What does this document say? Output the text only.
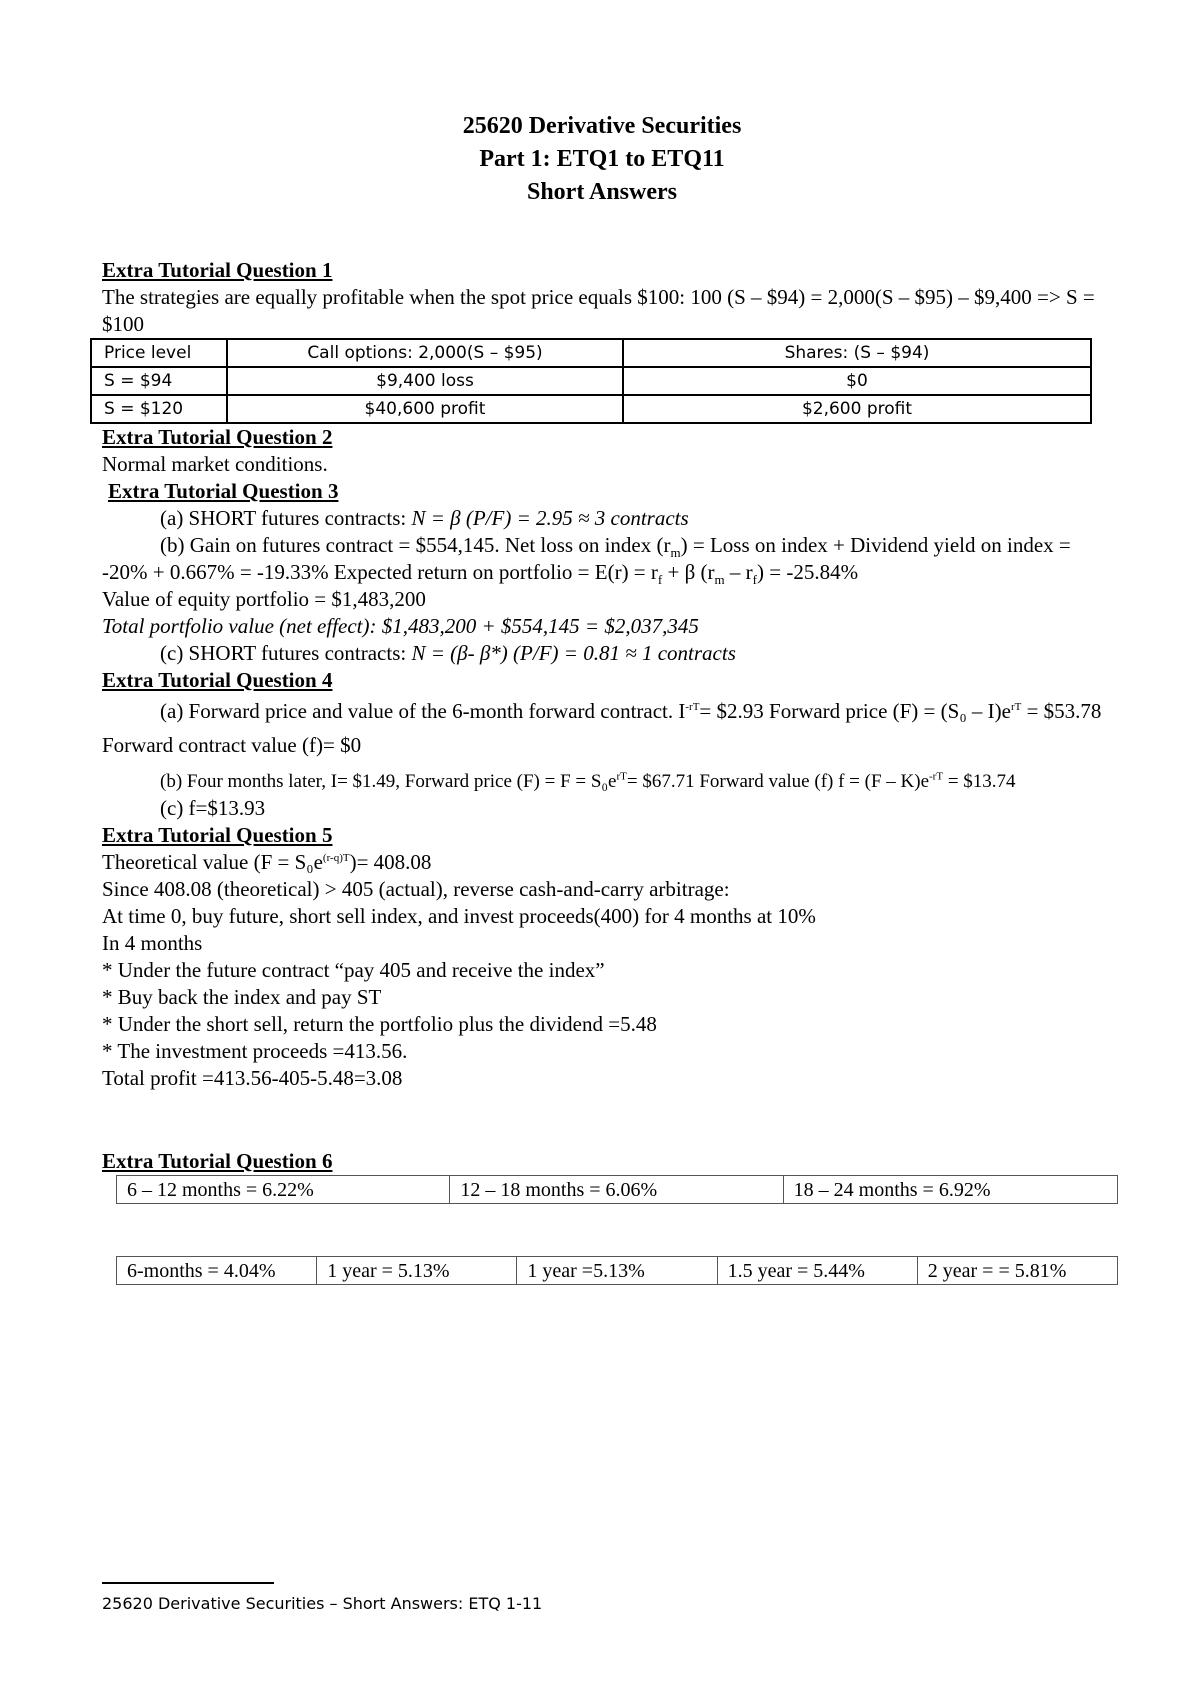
25620 Derivative Securities
Part 1: ETQ1 to ETQ11
Short Answers

Extra Tutorial Question 1

The strategies are equally profitable when the spot price equals $100: 100 (S – $94) = 2,000(S – $95) – $9,400 => S = $100

Price level	Call options: 2,000(S – $95)	Shares: (S – $94)
S = $94	$9,400 loss	$0
S = $120	$40,600 profit	$2,600 profit

Extra Tutorial Question 2

Normal market conditions.

Extra Tutorial Question 3

(a) SHORT futures contracts: N = β (P/F) = 2.95 ≈ 3 contracts

(b) Gain on futures contract = $554,145. Net loss on index $(r_m)$ = Loss on index + Dividend yield on index = -20% + 0.667% = -19.33% Expected return on portfolio = $E(r) = r_f + \beta$ $(r_m - r_f) = -25.84\%$

Value of equity portfolio = $1,483,200

Total portfolio value (net effect): $1,483,200 + $554,145 = $2,037,345

(c) SHORT futures contracts: N = (β- β*) (P/F) = 0.81 ≈ 1 contracts

Extra Tutorial Question 4

(a) Forward price and value of the 6-month forward contract. $I^{-rT}=$ $2.93 Forward price $(F) = (S_0 - I)e^{rT}$ = $53.78 Forward contract value (f)= $0

(b) Four months later, I= $1.49, Forward price $(F) = F = S_0e^{rT}=$ $67.71 Forward value (f) $f = (F - K)e^{-rT}$ = $13.74

(c) f=$13.93

Extra Tutorial Question 5

Theoretical value $(F = S_0e^{(r-q)T})= 408.08$

Since 408.08 (theoretical) > 405 (actual), reverse cash-and-carry arbitrage:

At time 0, buy future, short sell index, and invest proceeds(400) for 4 months at 10%

In 4 months

* Under the future contract “pay 405 and receive the index”

* Buy back the index and pay ST

* Under the short sell, return the portfolio plus the dividend =5.48

* The investment proceeds =413.56.

Total profit =413.56-405-5.48=3.08

Extra Tutorial Question 6

6 – 12 months = 6.22%	12 – 18 months = 6.06%	18 – 24 months = 6.92%
6-months = 4.04%	1 year = 5.13%	1 year =5.13%	1.5 year = 5.44%	2 year = = 5.81%
25620 Derivative Securities – Short Answers: ETQ 1-11
